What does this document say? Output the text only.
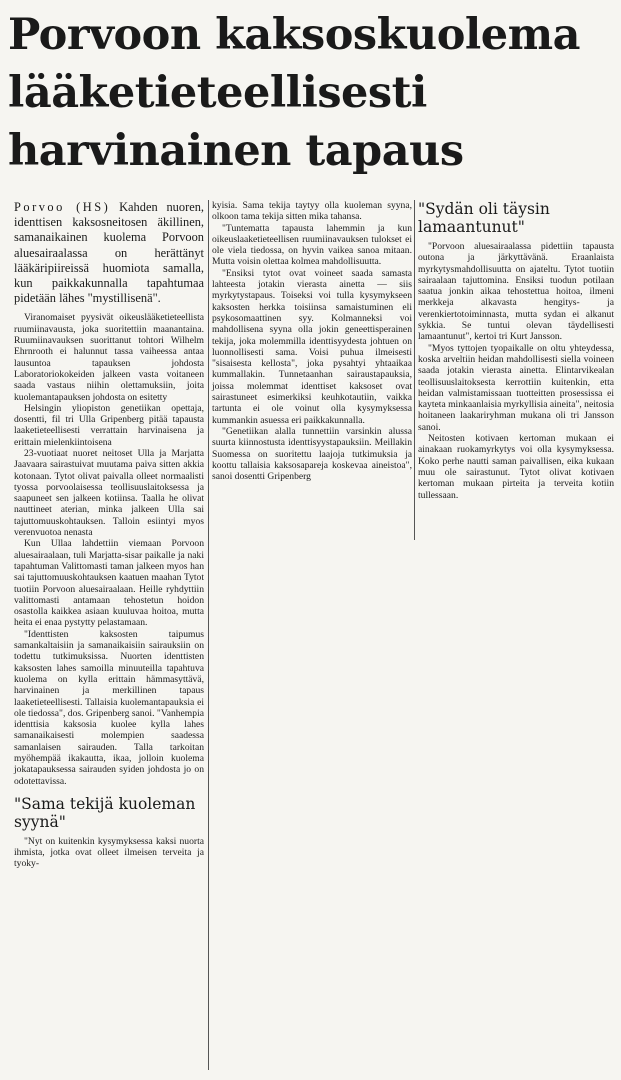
Porvoon kaksoskuolema
lääketieteellisesti
harvinainen tapaus

Porvoo (HS) Kahden nuoren, identtisen kaksosneitosen äkillinen, samanaikainen kuolema Porvoon aluesairaalassa on herättänyt lääkäripiireissä huomiota samalla, kun paikkakunnalla tapahtumaa pidetään lähes "mystillisenä".

Viranomaiset pyysivät oikeuslääketieteellista ruumiinavausta, joka suoritettiin maanantaina. Ruumiinavauksen suorittanut tohtori Wilhelm Ehrnrooth ei halunnut tassa vaiheessa antaa lausuntoa tapauksen johdosta Laboratoriokokeiden jalkeen vasta voitaneen saada vastaus niihin olettamuksiin, joita kuolemantapauksen johdosta on esitetty

Helsingin yliopiston genetiikan opettaja, dosentti, fil tri Ulla Gripenberg pitää tapausta laaketieteellisesti verrattain harvinaisena ja erittain mielenkiintoisena

23-vuotiaat nuoret neitoset Ulla ja Marjatta Jaavaara sairastuivat muutama paiva sitten akkia kotonaan. Tytot olivat paivalla olleet normaalisti tyossa porvoolaisessa teollisuuslaitoksessa ja saapuneet sen jalkeen kotiinsa. Taalla he olivat nauttineet aterian, minka jalkeen Ulla sai tajuttomuuskohtauksen. Talloin esiintyi myos verenvuotoa nenasta

Kun Ullaa lahdettiin viemaan Porvoon aluesairaalaan, tuli Marjatta-sisar paikalle ja naki tapahtuman Valittomasti taman jalkeen myos han sai tajuttomuuskohtauksen kaatuen maahan Tytot tuotiin Porvoon aluesairaalaan. Heille ryhdyttiin valittomasti antamaan tehostetun hoidon osastolla kaikkea asiaan kuuluvaa hoitoa, mutta heita ei enaa pystytty pelastamaan.

"Identtisten kaksosten taipumus samankaltaisiin ja samanaikaisiin sairauksiin on todettu tutkimuksissa. Nuorten identtisten kaksosten lahes samoilla minuuteilla tapahtuva kuolema on kylla erittain hämmasyttävä, harvinainen ja merkillinen tapaus laaketieteellisesti. Tallaisia kuolemantapauksia ei ole tiedossa", dos. Gripenberg sanoi. "Vanhempia identtisia kaksosia kuolee kylla lahes samanaikaisesti molempien saadessa samanlaisen sairauden. Talla tarkoitan myöhempää ikakautta, ikaa, jolloin kuolema jokatapauksessa sairauden syiden johdosta jo on odotettavissa.

"Sama tekijä kuoleman syynä"

"Nyt on kuitenkin kysymyksessa kaksi nuorta ihmista, jotka ovat olleet ilmeisen terveita ja tyoky-

kyisia. Sama tekija taytyy olla kuoleman syyna, olkoon tama tekija sitten mika tahansa.

"Tuntematta tapausta lahemmin ja kun oikeuslaaketieteellisen ruumiinavauksen tulokset ei ole viela tiedossa, on hyvin vaikea sanoa mitaan. Mutta voisin olettaa kolmea mahdollisuutta.

"Ensiksi tytot ovat voineet saada samasta lahteesta jotakin vierasta ainetta — siis myrkytystapaus. Toiseksi voi tulla kysymykseen kaksosten herkka toisiinsa samaistuminen eli psykosomaattinen syy. Kolmanneksi voi mahdollisena syyna olla jokin geneettisperainen tekija, joka molemmilla identtisyydesta johtuen on luonnollisesti sama. Voisi puhua ilmeisesti "sisaisesta kellosta", joka pysahtyi yhtaaikaa kummallakin. Tunnetaanhan sairaustapauksia, joissa molemmat identtiset kaksoset ovat sairastuneet esimerkiksi keuhkotautiin, vaikka tartunta ei ole voinut olla kysymyksessa kummankin asuessa eri paikkakunnalla.

"Genetiikan alalla tunnettiin varsinkin alussa suurta kiinnostusta identtisyystapauksiin. Meillakin Suomessa on suoritettu laajoja tutkimuksia ja koottu tallaisia kaksosapareja koskevaa aineistoa", sanoi dosentti Gripenberg

"Sydän oli täysin lamaantunut"

"Porvoon aluesairaalassa pidettiin tapausta outona ja järkyttävänä. Eraanlaista myrkytysmahdollisuutta on ajateltu. Tytot tuotiin sairaalaan tajuttomina. Ensiksi tuodun potilaan saatua jonkin aikaa tehostettua hoitoa, ilmeni merkkeja alkavasta hengitys- ja verenkiertotoiminnasta, mutta sydan ei alkanut sykkia. Se tuntui olevan täydellisesti lamaantunut", kertoi tri Kurt Jansson.

"Myos tyttojen tyopaikalle on oltu yhteydessa, koska arveltiin heidan mahdollisesti siella voineen saada jotakin vierasta ainetta. Elintarvikealan teollisuuslaitoksesta kerrottiin kuitenkin, etta heidan valmistamissaan tuotteitten prosessissa ei kayteta minkaanlaisia myrkyllisia aineita", neitosia hoitaneen laakariryhman mukana oli tri Jansson sanoi.

Neitosten kotivaen kertoman mukaan ei ainakaan ruokamyrkytys voi olla kysymyksessa. Koko perhe nautti saman paivallisen, eika kukaan muu ole sairastunut. Tytot olivat kotivaen kertoman mukaan pirteita ja terveita kotiin tullessaan.
